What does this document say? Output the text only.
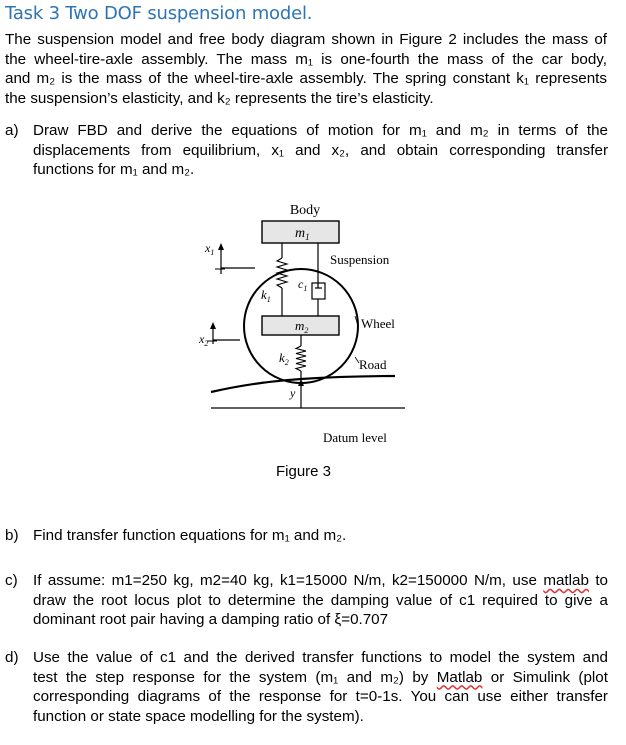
Task 3 Two DOF suspension model.
The suspension model and free body diagram shown in Figure 2 includes the mass of
the wheel-tire-axle assembly. The mass m₁ is one-fourth the mass of the car body,
and m₂ is the mass of the wheel-tire-axle assembly. The spring constant k₁ represents
the suspension’s elasticity, and k₂ represents the tire’s elasticity.
a) Draw FBD and derive the equations of motion for m₁ and m₂ in terms of the
displacements from equilibrium, x₁ and x₂, and obtain corresponding transfer
functions for m₁ and m₂.
Body
$m_1$
$x_1$	Suspension
$k_1$
$c_1$
$m_2$	Wheel
$x_2$
$k_2$	Road
y
Datum level
Figure 3
b) Find transfer function equations for m₁ and m₂.
c) If assume: m1=250 kg, m2=40 kg, k1=15000 N/m, k2=150000 N/m, use matlab to
draw the root locus plot to determine the damping value of c1 required to give a
dominant root pair having a damping ratio of ξ=0.707
d) Use the value of c1 and the derived transfer functions to model the system and
test the step response for the system (m₁ and m₂) by Matlab or Simulink (plot
corresponding diagrams of the response for t=0-1s. You can use either transfer
function or state space modelling for the system).
